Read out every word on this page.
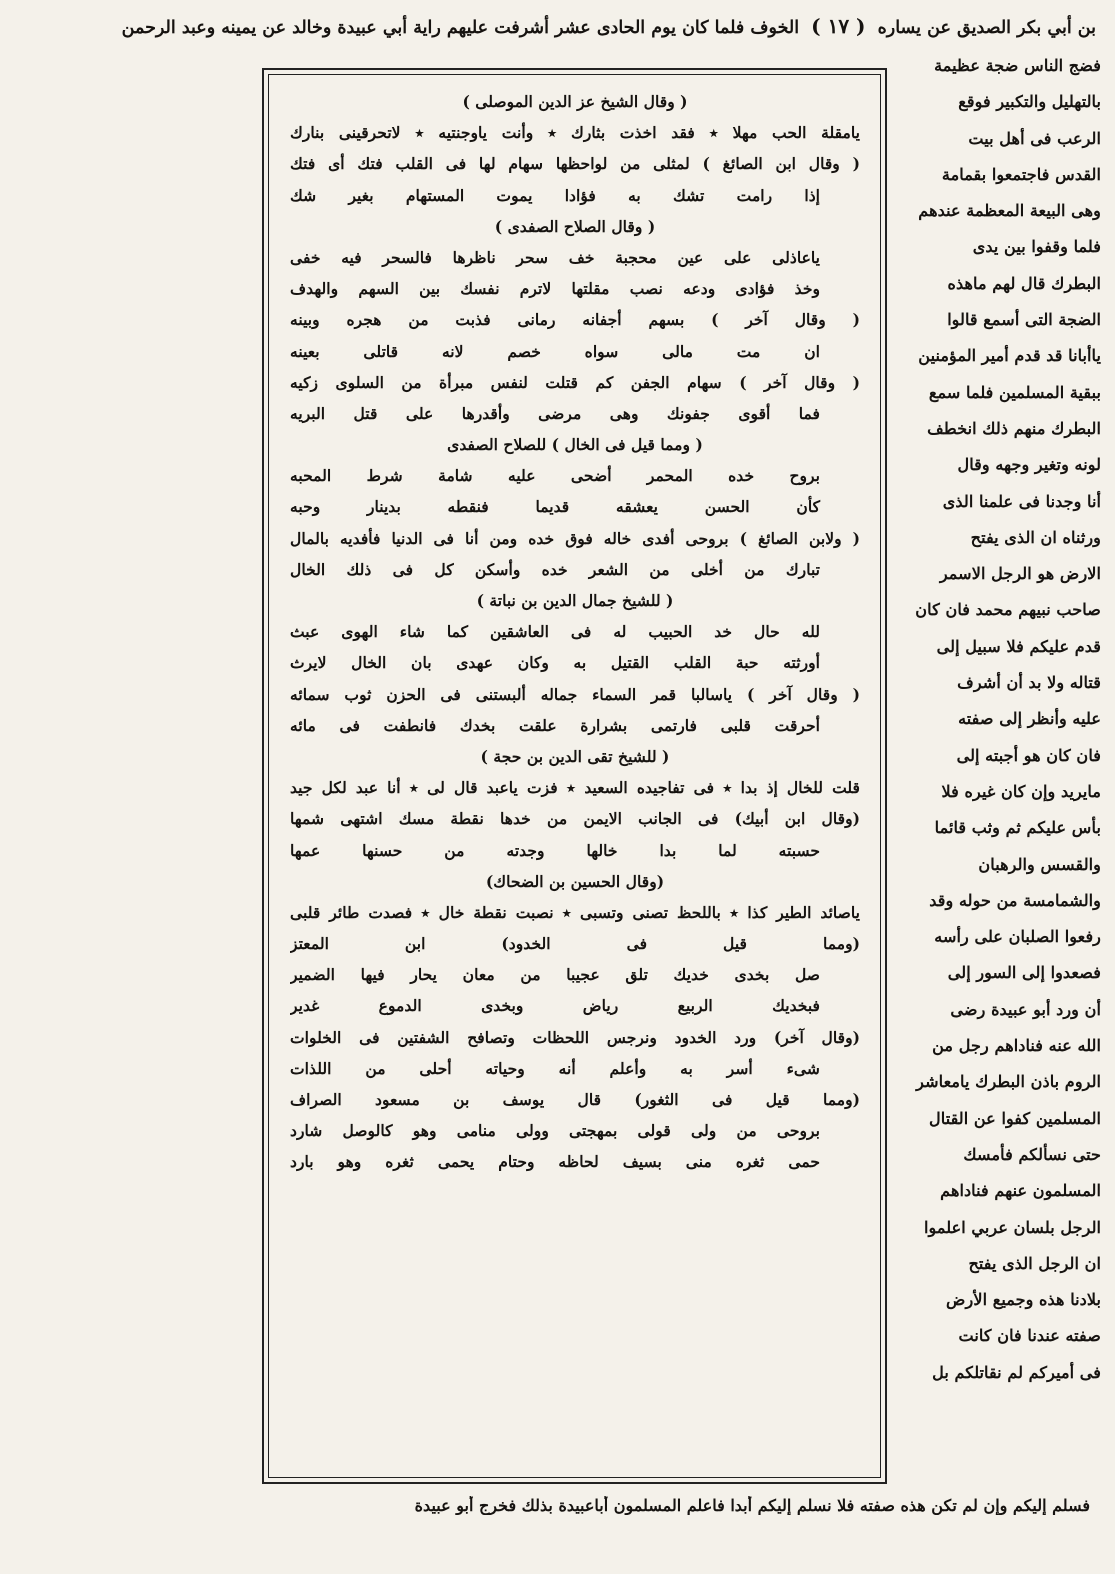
بن أبي بكر الصديق عن يساره ( ١٧ ) الخوف فلما كان يوم الحادى عشر أشرفت عليهم راية أبي عبيدة وخالد عن يمينه وعبد الرحمن
فضج الناس ضجة عظيمة
بالتهليل والتكبير فوقع
الرعب فى أهل بيت
القدس فاجتمعوا بقمامة
وهى البيعة المعظمة عندهم
فلما وقفوا بين يدى
البطرك قال لهم ماهذه
الضجة التى أسمع قالوا
ياأبانا قد قدم أمير المؤمنين
ببقية المسلمين فلما سمع
البطرك منهم ذلك انخطف
لونه وتغير وجهه وقال
أنا وجدنا فى علمنا الذى
ورثناه ان الذى يفتح
الارض هو الرجل الاسمر
صاحب نبيهم محمد فان كان
قدم عليكم فلا سبيل إلى
قتاله ولا بد أن أشرف
عليه وأنظر إلى صفته
فان كان هو أجبته إلى
مايريد وإن كان غيره فلا
بأس عليكم ثم وثب قائما
والقسس والرهبان
والشمامسة من حوله وقد
رفعوا الصلبان على رأسه
فصعدوا إلى السور إلى
أن ورد أبو عبيدة رضى
الله عنه فناداهم رجل من
الروم باذن البطرك يامعاشر
المسلمين كفوا عن القتال
حتى نسألكم فأمسك
المسلمون عنهم فناداهم
الرجل بلسان عربي اعلموا
ان الرجل الذى يفتح
بلادنا هذه وجميع الأرض
صفته عندنا فان كانت
فى أميركم لم نقاتلكم بل
( وقال الشيخ عز الدين الموصلى )
يامقلة الحب مهلا ٭ فقد اخذت بثارك ٭ وأنت ياوجنتيه ٭ لاتحرقينى بنارك
( وقال ابن الصائغ ) لمثلى من لواحظها سهام لها فى القلب فتك أى فتك
إذا رامت تشك به فؤادا يموت المستهام بغير شك
( وقال الصلاح الصفدى )
ياعاذلى على عين محجبة خف سحر ناظرها فالسحر فيه خفى
وخذ فؤادى ودعه نصب مقلتها لاترم نفسك بين السهم والهدف
( وقال آخر ) بسهم أجفانه رمانى فذبت من هجره وبينه
ان مت مالى سواه خصم لانه قاتلى بعينه
( وقال آخر ) سهام الجفن كم قتلت لنفس مبرأة من السلوى زكيه
فما أقوى جفونك وهى مرضى وأقدرها على قتل البريه
( ومما قيل فى الخال ) للصلاح الصفدى
بروح خده المحمر أضحى عليه شامة شرط المحبه
كأن الحسن يعشقه قديما فنقطه بدينار وحبه
( ولابن الصائغ ) بروحى أفدى خاله فوق خده ومن أنا فى الدنيا فأفديه بالمال
تبارك من أخلى من الشعر خده وأسكن كل فى ذلك الخال
( للشيخ جمال الدين بن نباتة )
لله حال خد الحبيب له فى العاشقين كما شاء الهوى عبث
أورثته حبة القلب القتيل به وكان عهدى بان الخال لايرث
( وقال آخر ) ياسالبا قمر السماء جماله ألبستنى فى الحزن ثوب سمائه
أحرقت قلبى فارتمى بشرارة علقت بخدك فانطفت فى مائه
( للشيخ تقى الدين بن حجة )
قلت للخال إذ بدا ٭ فى تفاجيده السعيد ٭ فزت ياعبد قال لى ٭ أنا عبد لكل جيد
(وقال ابن أبيك) فى الجانب الايمن من خدها نقطة مسك اشتهى شمها
حسبته لما بدا خالها وجدته من حسنها عمها
(وقال الحسين بن الضحاك)
ياصائد الطير كذا ٭ باللحظ تصنى وتسبى ٭ نصبت نقطة خال ٭ فصدت طائر قلبى
(ومما قيل فى الخدود) ابن المعتز
صل بخدى خديك تلق عجيبا من معان يحار فيها الضمير
فبخديك الربيع رياض وبخدى الدموع غدير
(وقال آخر) ورد الخدود ونرجس اللحظات وتصافح الشفتين فى الخلوات
شىء أسر به وأعلم أنه وحياته أحلى من اللذات
(ومما قيل فى الثغور) قال يوسف بن مسعود الصراف
بروحى من ولى قولى بمهجتى وولى منامى وهو كالوصل شارد
حمى ثغره منى بسيف لحاظه وحتام يحمى ثغره وهو بارد
فسلم إليكم وإن لم تكن هذه صفته فلا نسلم إليكم أبدا فاعلم المسلمون أباعبيدة بذلك فخرج أبو عبيدة
